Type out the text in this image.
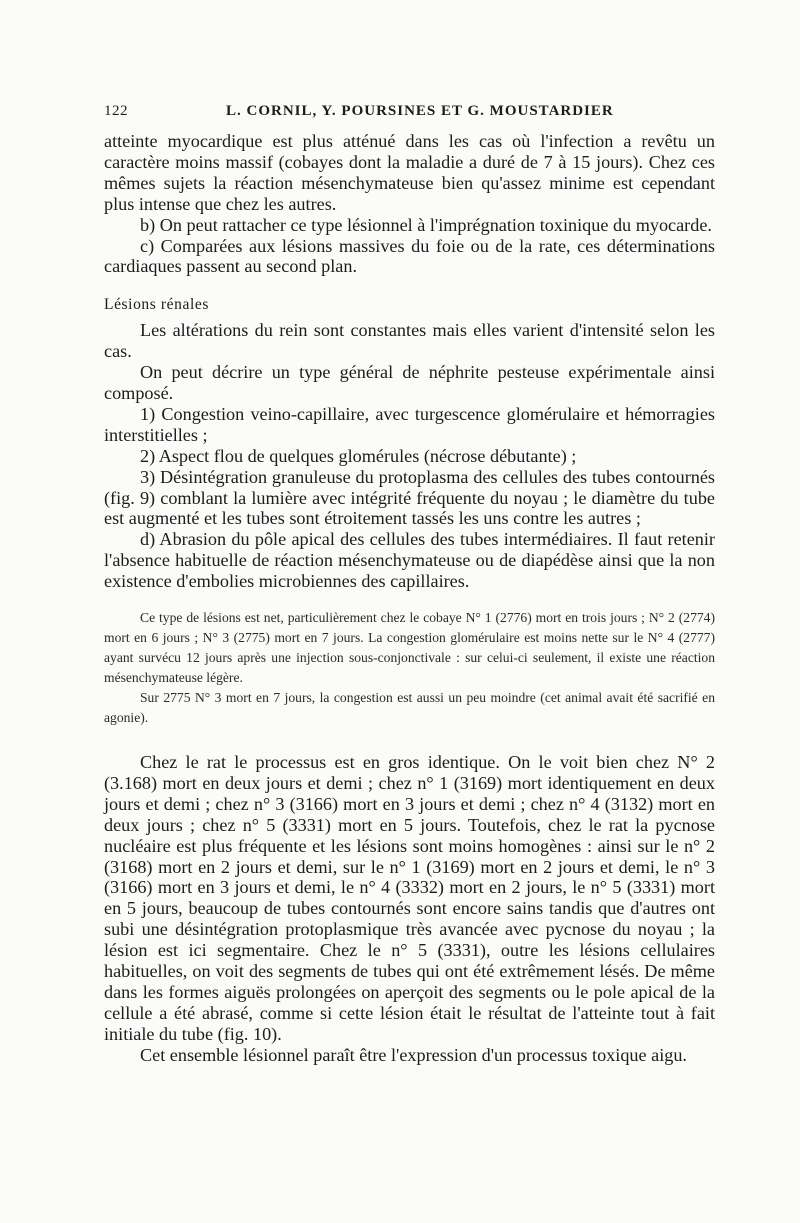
122	L. CORNIL, Y. POURSINES ET G. MOUSTARDIER

atteinte myocardique est plus atténué dans les cas où l'infection a revêtu un caractère moins massif (cobayes dont la maladie a duré de 7 à 15 jours). Chez ces mêmes sujets la réaction mésenchymateuse bien qu'assez minime est cependant plus intense que chez les autres.

b) On peut rattacher ce type lésionnel à l'imprégnation toxinique du myocarde.

c) Comparées aux lésions massives du foie ou de la rate, ces déterminations cardiaques passent au second plan.

Lésions rénales

Les altérations du rein sont constantes mais elles varient d'intensité selon les cas.

On peut décrire un type général de néphrite pesteuse expérimentale ainsi composé.

1) Congestion veino-capillaire, avec turgescence glomérulaire et hémorragies interstitielles ;

2) Aspect flou de quelques glomérules (nécrose débutante) ;

3) Désintégration granuleuse du protoplasma des cellules des tubes contournés (fig. 9) comblant la lumière avec intégrité fréquente du noyau ; le diamètre du tube est augmenté et les tubes sont étroitement tassés les uns contre les autres ;

d) Abrasion du pôle apical des cellules des tubes intermédiaires. Il faut retenir l'absence habituelle de réaction mésenchymateuse ou de diapédèse ainsi que la non existence d'embolies microbiennes des capillaires.

Ce type de lésions est net, particulièrement chez le cobaye N° 1 (2776) mort en trois jours ; N° 2 (2774) mort en 6 jours ; N° 3 (2775) mort en 7 jours. La congestion glomérulaire est moins nette sur le N° 4 (2777) ayant survécu 12 jours après une injection sous-conjonctivale : sur celui-ci seulement, il existe une réaction mésenchymateuse légère.

Sur 2775 N° 3 mort en 7 jours, la congestion est aussi un peu moindre (cet animal avait été sacrifié en agonie).

Chez le rat le processus est en gros identique. On le voit bien chez N° 2 (3.168) mort en deux jours et demi ; chez n° 1 (3169) mort identiquement en deux jours et demi ; chez n° 3 (3166) mort en 3 jours et demi ; chez n° 4 (3132) mort en deux jours ; chez n° 5 (3331) mort en 5 jours. Toutefois, chez le rat la pycnose nucléaire est plus fréquente et les lésions sont moins homogènes : ainsi sur le n° 2 (3168) mort en 2 jours et demi, sur le n° 1 (3169) mort en 2 jours et demi, le n° 3 (3166) mort en 3 jours et demi, le n° 4 (3332) mort en 2 jours, le n° 5 (3331) mort en 5 jours, beaucoup de tubes contournés sont encore sains tandis que d'autres ont subi une désintégration protoplasmique très avancée avec pycnose du noyau ; la lésion est ici segmentaire. Chez le n° 5 (3331), outre les lésions cellulaires habituelles, on voit des segments de tubes qui ont été extrêmement lésés. De même dans les formes aiguës prolongées on aperçoit des segments ou le pole apical de la cellule a été abrasé, comme si cette lésion était le résultat de l'atteinte tout à fait initiale du tube (fig. 10).

Cet ensemble lésionnel paraît être l'expression d'un processus toxique aigu.
